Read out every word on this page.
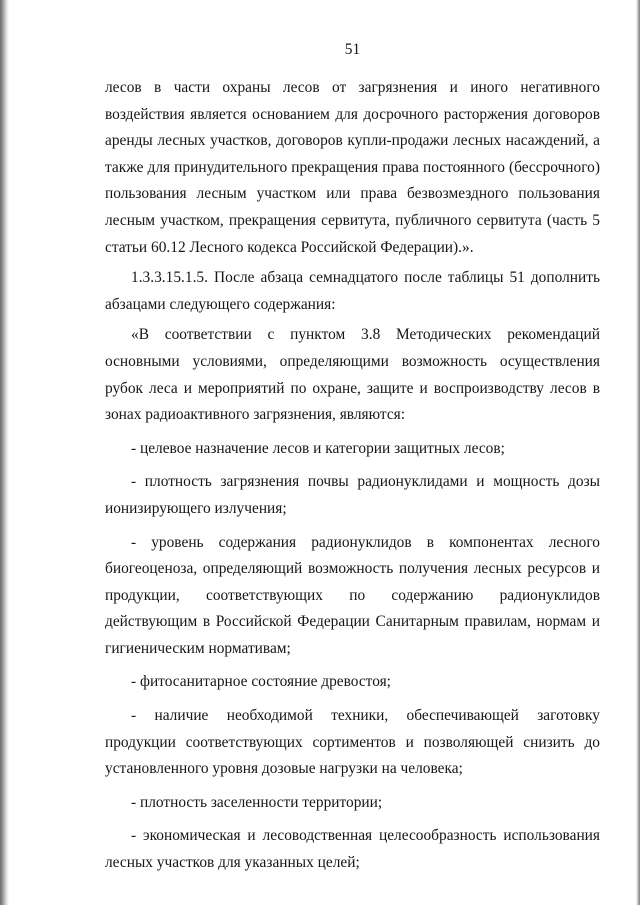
51

лесов в части охраны лесов от загрязнения и иного негативного воздействия является основанием для досрочного расторжения договоров аренды лесных участков, договоров купли-продажи лесных насаждений, а также для принудительного прекращения права постоянного (бессрочного) пользования лесным участком или права безвозмездного пользования лесным участком, прекращения сервитута, публичного сервитута (часть 5 статьи 60.12 Лесного кодекса Российской Федерации).».

1.3.3.15.1.5. После абзаца семнадцатого после таблицы 51 дополнить абзацами следующего содержания:

«В соответствии с пунктом 3.8 Методических рекомендаций основными условиями, определяющими возможность осуществления рубок леса и мероприятий по охране, защите и воспроизводству лесов в зонах радиоактивного загрязнения, являются:

- целевое назначение лесов и категории защитных лесов;

- плотность загрязнения почвы радионуклидами и мощность дозы ионизирующего излучения;

- уровень содержания радионуклидов в компонентах лесного биогеоценоза, определяющий возможность получения лесных ресурсов и продукции, соответствующих по содержанию радионуклидов действующим в Российской Федерации Санитарным правилам, нормам и гигиеническим нормативам;

- фитосанитарное состояние древостоя;

- наличие необходимой техники, обеспечивающей заготовку продукции соответствующих сортиментов и позволяющей снизить до установленного уровня дозовые нагрузки на человека;

- плотность заселенности территории;

- экономическая и лесоводственная целесообразность использования лесных участков для указанных целей;
